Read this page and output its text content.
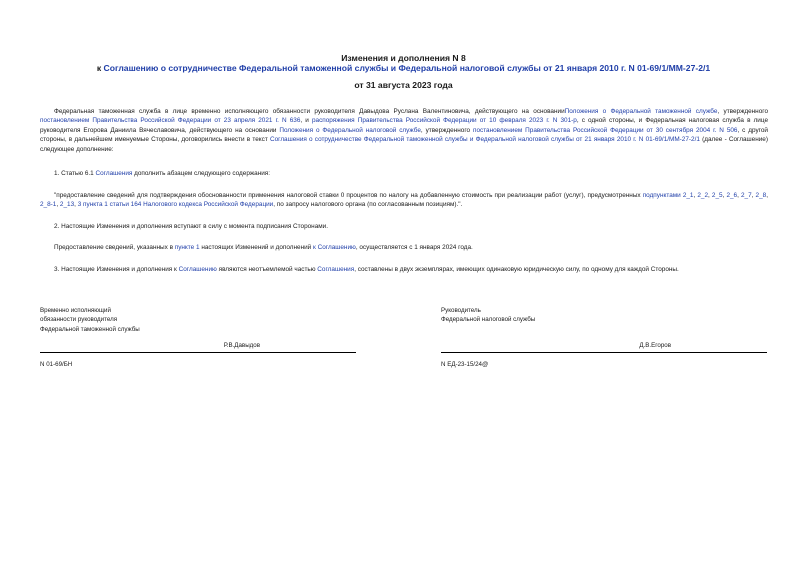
Изменения и дополнения N 8
к Соглашению о сотрудничестве Федеральной таможенной службы и Федеральной налоговой службы от 21 января 2010 г. N 01-69/1/ММ-27-2/1
от 31 августа 2023 года

Федеральная таможенная служба в лице временно исполняющего обязанности руководителя Давыдова Руслана Валентиновича, действующего на основанииПоложения о Федеральной таможенной службе, утвержденного постановлением Правительства Российской Федерации от 23 апреля 2021 г. N 636, и распоряжения Правительства Российской Федерации от 10 февраля 2023 г. N 301-р, с одной стороны, и Федеральная налоговая служба в лице руководителя Егорова Даниила Вячеславовича, действующего на основании Положения о Федеральной налоговой службе, утвержденного постановлением Правительства Российской Федерации от 30 сентября 2004 г. N 506, с другой стороны, в дальнейшем именуемые Стороны, договорились внести в текст Соглашения о сотрудничестве Федеральной таможенной службы и Федеральной налоговой службы от 21 января 2010 г. N 01-69/1/ММ-27-2/1 (далее - Соглашение) следующее дополнение:

1. Статью 6.1 Соглашения дополнить абзацем следующего содержания:

"предоставление сведений для подтверждения обоснованности применения налоговой ставки 0 процентов по налогу на добавленную стоимость при реализации работ (услуг), предусмотренных подпунктами 2_1, 2_2, 2_5, 2_6, 2_7, 2_8, 2_8-1, 2_13, 3 пункта 1 статьи 164 Налогового кодекса Российской Федерации, по запросу налогового органа (по согласованным позициям).".

2. Настоящие Изменения и дополнения вступают в силу с момента подписания Сторонами.

Предоставление сведений, указанных в пункте 1 настоящих Изменений и дополнений к Соглашению, осуществляется с 1 января 2024 года.

3. Настоящие Изменения и дополнения к Соглашению являются неотъемлемой частью Соглашения, составлены в двух экземплярах, имеющих одинаковую юридическую силу, по одному для каждой Стороны.

Временно исполняющий
обязанности руководителя
Федеральной таможенной службы
Р.В.Давыдов
N 01-69/БН
Руководитель
Федеральной налоговой службы
Д.В.Егоров
N ЕД-23-15/24@
